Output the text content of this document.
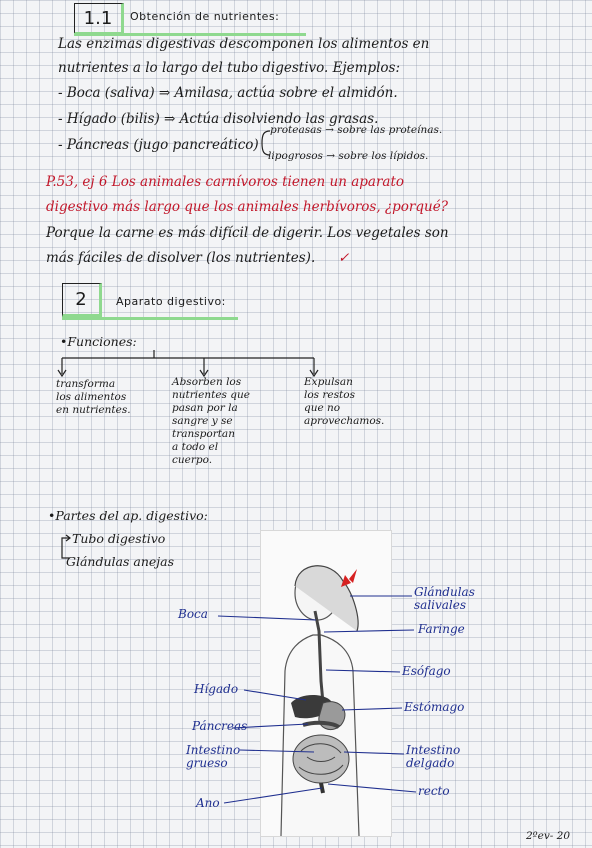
1.1 Obtención de nutrientes:
Las enzimas digestivas descomponen los alimentos en
nutrientes a lo largo del tubo digestivo. Ejemplos:
- Boca (saliva) ⇒ Amilasa, actúa sobre el almidón.
- Hígado (bilis) ⇒ Actúa disolviendo las grasas.
- Páncreas (jugo pancreático)
proteasas → sobre las proteínas.
lipogrosos → sobre los lípidos.
P.53, ej 6 Los animales carnívoros tienen un aparato
digestivo más largo que los animales herbívoros, ¿porqué?
Porque la carne es más difícil de digerir. Los vegetales son
más fáciles de disolver (los nutrientes). ✓
2	Aparato digestivo:
•Funciones:
transforma
los alimentos
en nutrientes.
Absorben los
nutrientes que
pasan por la
sangre y se
transportan
a todo el
cuerpo.
Expulsan
los restos
que no
aprovechamos.
•Partes del ap. digestivo:
Tubo digestivo
Glándulas anejas
Boca
Hígado
Páncreas
Intestino
grueso
Ano
Glándulas
salivales
Faringe
Esófago
Estómago
Intestino
delgado
recto
2ºev- 20
